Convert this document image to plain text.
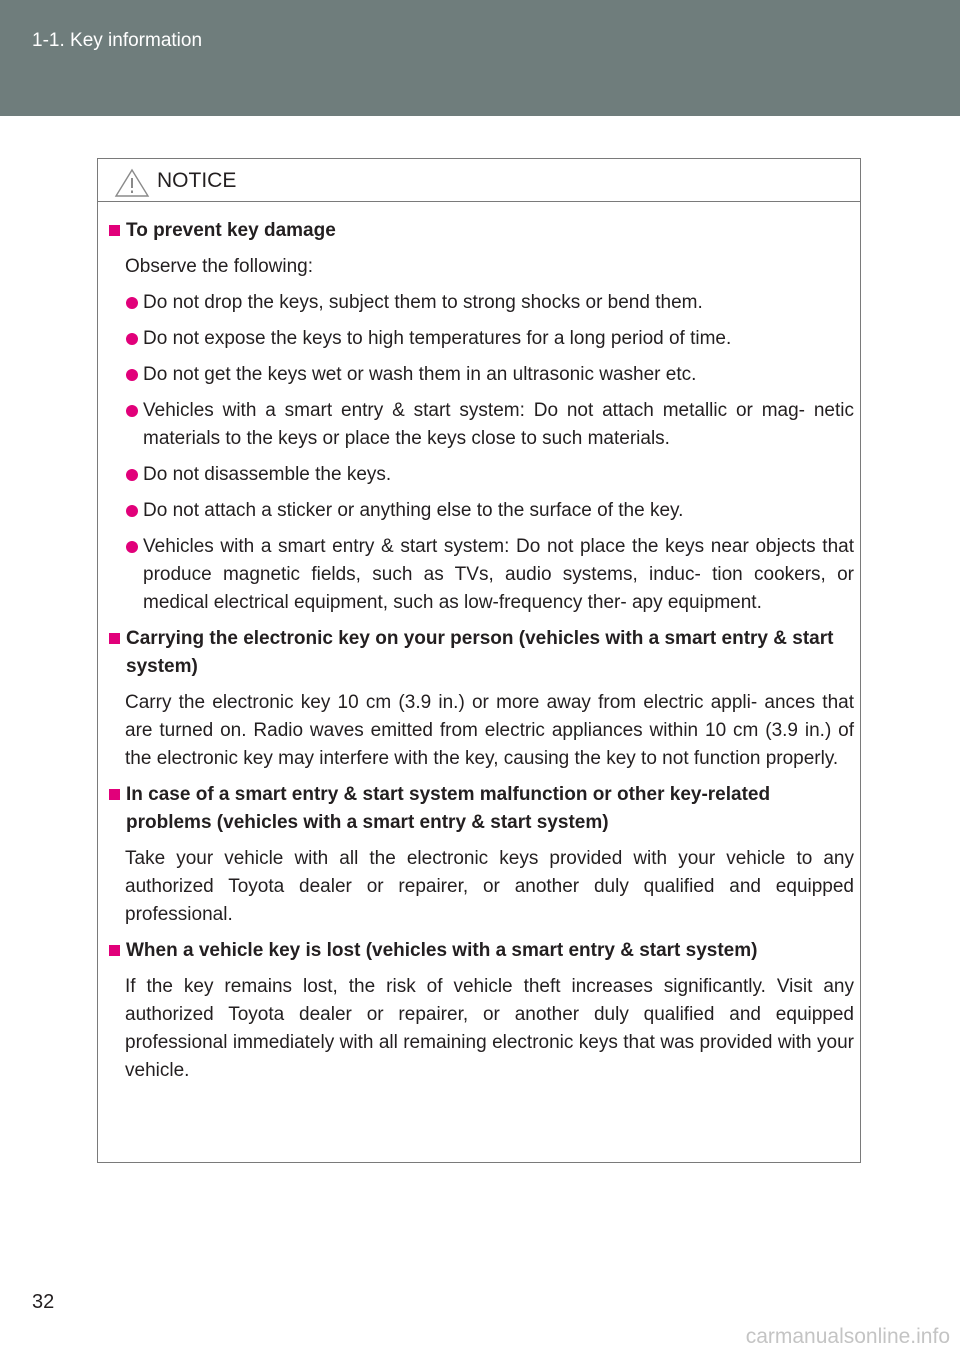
1-1. Key information
NOTICE
To prevent key damage
Observe the following:
Do not drop the keys, subject them to strong shocks or bend them.
Do not expose the keys to high temperatures for a long period of time.
Do not get the keys wet or wash them in an ultrasonic washer etc.
Vehicles with a smart entry & start system: Do not attach metallic or mag- netic materials to the keys or place the keys close to such materials.
Do not disassemble the keys.
Do not attach a sticker or anything else to the surface of the key.
Vehicles with a smart entry & start system: Do not place the keys near objects that produce magnetic fields, such as TVs, audio systems, induc- tion cookers, or medical electrical equipment, such as low-frequency ther- apy equipment.
Carrying the electronic key on your person (vehicles with a smart entry & start system)
Carry the electronic key 10 cm (3.9 in.) or more away from electric appli- ances that are turned on. Radio waves emitted from electric appliances within 10 cm (3.9 in.) of the electronic key may interfere with the key, causing the key to not function properly.
In case of a smart entry & start system malfunction or other key-related problems (vehicles with a smart entry & start system)
Take your vehicle with all the electronic keys provided with your vehicle to any authorized Toyota dealer or repairer, or another duly qualified and equipped professional.
When a vehicle key is lost (vehicles with a smart entry & start system)
If the key remains lost, the risk of vehicle theft increases significantly. Visit any authorized Toyota dealer or repairer, or another duly qualified and equipped professional immediately with all remaining electronic keys that was provided with your vehicle.
32
carmanualsonline.info
